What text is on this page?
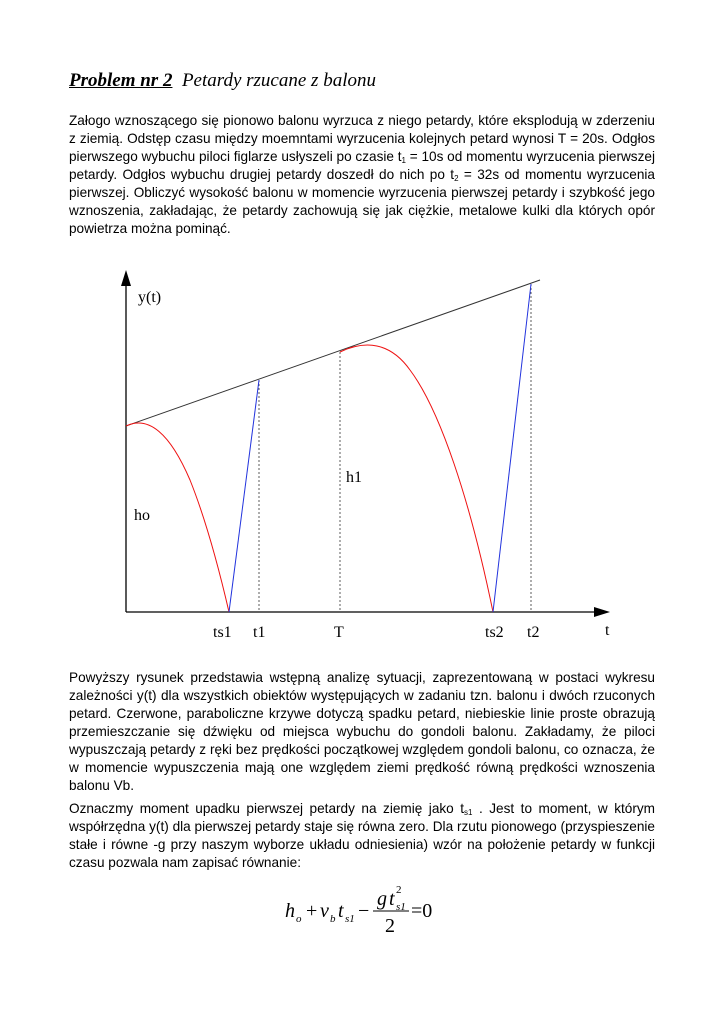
Problem nr 2 Petardy rzucane z balonu
Załogo wznoszącego się pionowo balonu wyrzuca z niego petardy, które eksplodują w zderzeniu z ziemią. Odstęp czasu między moemntami wyrzucenia kolejnych petard wynosi T = 20s. Odgłos pierwszego wybuchu piloci figlarze usłyszeli po czasie $t_1 = 10s$ od momentu wyrzucenia pierwszej petardy. Odgłos wybuchu drugiej petardy doszedł do nich po $t_2 = 32s$ od momentu wyrzucenia pierwszej. Obliczyć wysokość balonu w momencie wyrzucenia pierwszej petardy i szybkość jego wznoszenia, zakładając, że petardy zachowują się jak ciężkie, metalowe kulki dla których opór powietrza można pominąć.
y(t)
ho
h1
ts1 t1	T	ts2 t2	t
Powyższy rysunek przedstawia wstępną analizę sytuacji, zaprezentowaną w postaci wykresu zależności y(t) dla wszystkich obiektów występujących w zadaniu tzn. balonu i dwóch rzuconych petard. Czerwone, paraboliczne krzywe dotyczą spadku petard, niebieskie linie proste obrazują przemieszczanie się dźwięku od miejsca wybuchu do gondoli balonu. Zakładamy, że piloci wypuszczają petardy z ręki bez prędkości początkowej względem gondoli balonu, co oznacza, że w momencie wypuszczenia mają one względem ziemi prędkość równą prędkości wznoszenia balonu Vb.
Oznaczmy moment upadku pierwszej petardy na ziemię jako $t_{s1}$ . Jest to moment, w którym współrzędna y(t) dla pierwszej petardy staje się równa zero. Dla rzutu pionowego (przyspieszenie stałe i równe -g przy naszym wyborze układu odniesienia) wzór na położenie petardy w funkcji czasu pozwala nam zapisać równanie:
h o + v b t s1 −
g t s1
2
2
=0
